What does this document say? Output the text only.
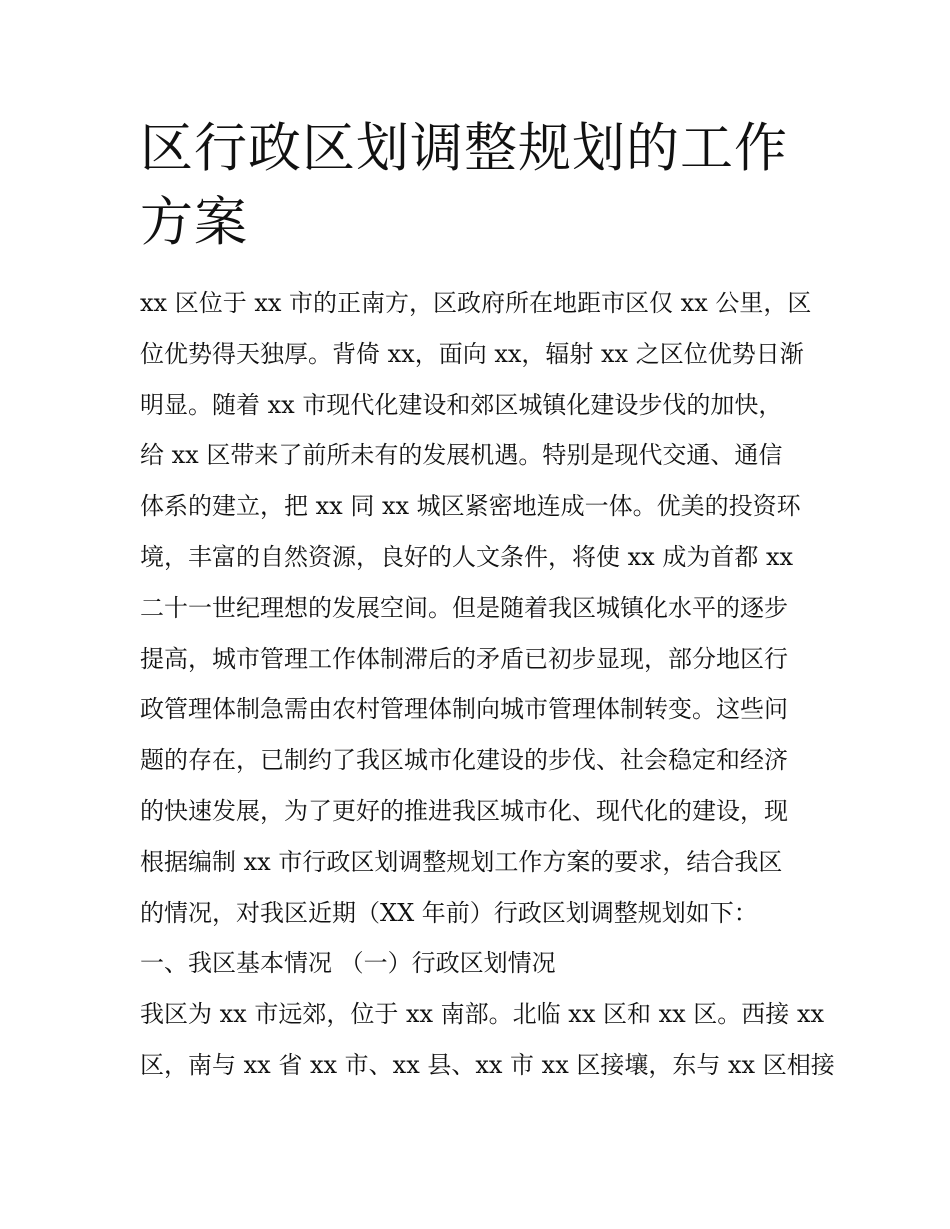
区行政区划调整规划的工作方案
xx 区位于 xx 市的正南方，区政府所在地距市区仅 xx 公里，区
位优势得天独厚。背倚 xx，面向 xx，辐射 xx 之区位优势日渐
明显。随着 xx 市现代化建设和郊区城镇化建设步伐的加快，
给 xx 区带来了前所未有的发展机遇。特别是现代交通、通信
体系的建立，把 xx 同 xx 城区紧密地连成一体。优美的投资环
境，丰富的自然资源，良好的人文条件，将使 xx 成为首都 xx
二十一世纪理想的发展空间。但是随着我区城镇化水平的逐步
提高，城市管理工作体制滞后的矛盾已初步显现，部分地区行
政管理体制急需由农村管理体制向城市管理体制转变。这些问
题的存在，已制约了我区城市化建设的步伐、社会稳定和经济
的快速发展，为了更好的推进我区城市化、现代化的建设，现
根据编制 xx 市行政区划调整规划工作方案的要求，结合我区
的情况，对我区近期（XX 年前）行政区划调整规划如下：
一、我区基本情况 （一）行政区划情况
我区为 xx 市远郊，位于 xx 南部。北临 xx 区和 xx 区。西接 xx
区，南与 xx 省 xx 市、xx 县、xx 市 xx 区接壤，东与 xx 区相接
